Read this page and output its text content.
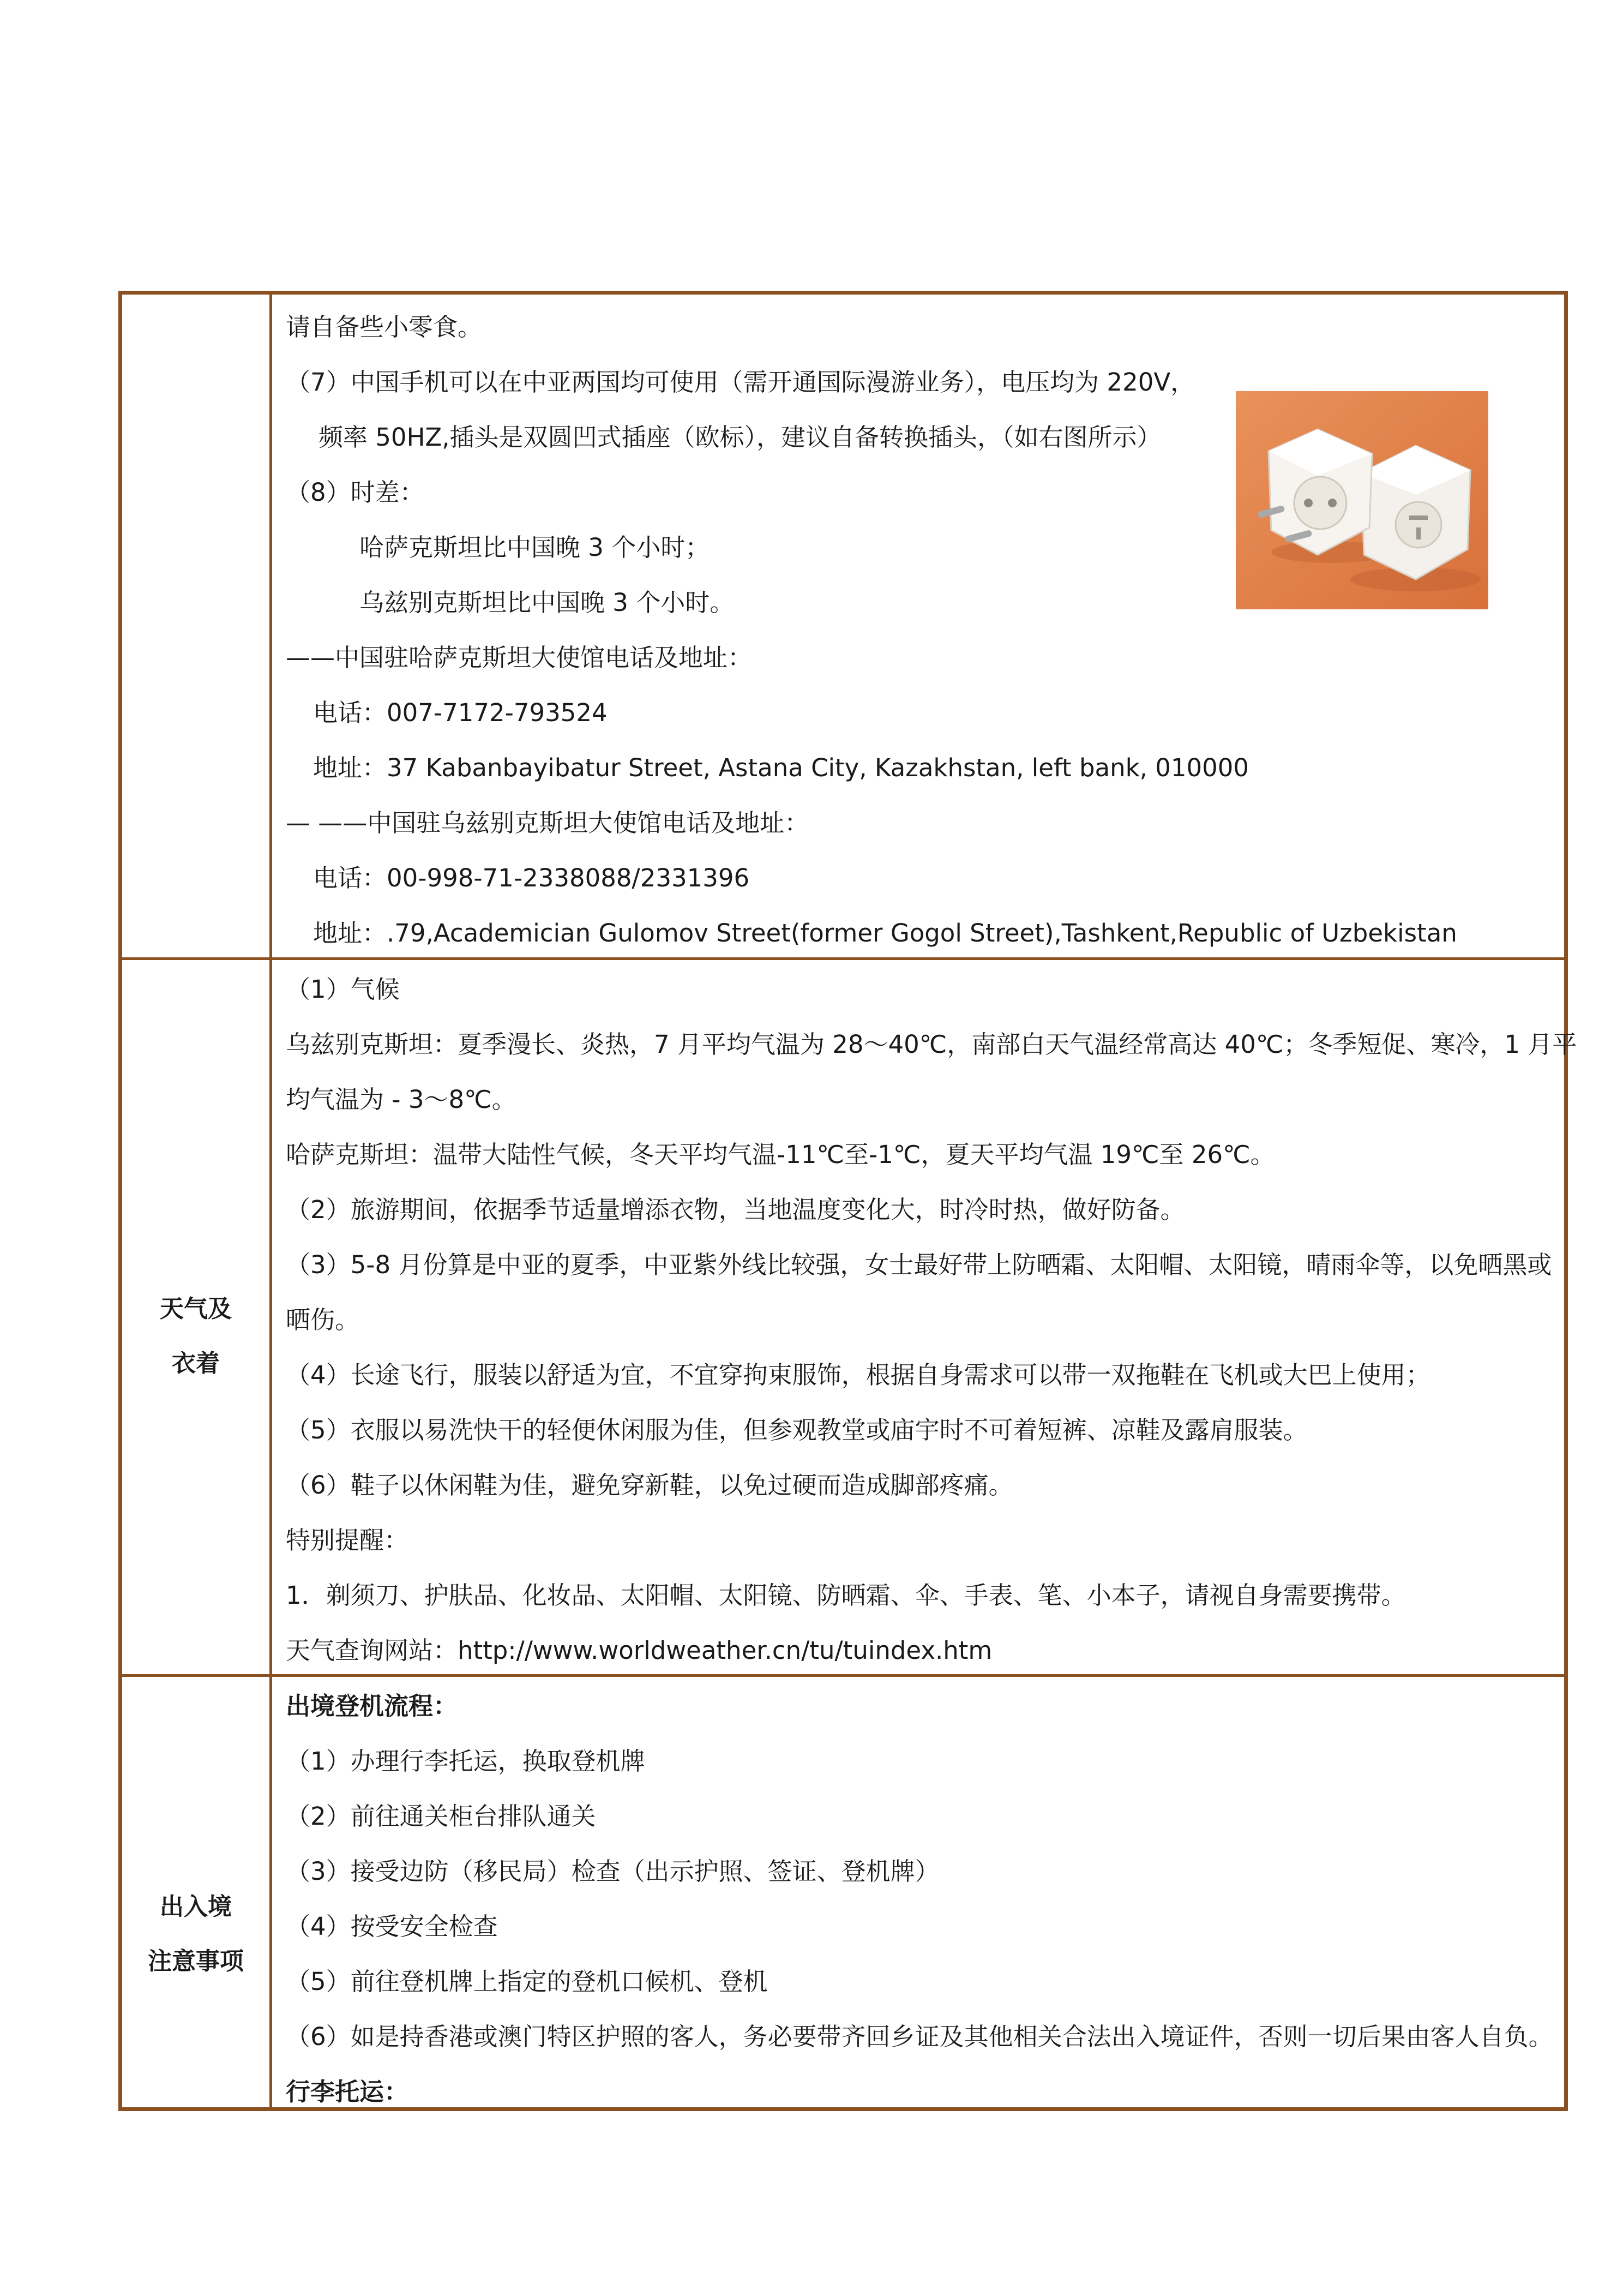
请自备些小零食。
（7）中国手机可以在中亚两国均可使用（需开通国际漫游业务），电压均为 220V，
频率 50HZ,插头是双圆凹式插座（欧标），建议自备转换插头，（如右图所示）
（8）时差：
哈萨克斯坦比中国晚 3 个小时；
乌兹别克斯坦比中国晚 3 个小时。
——中国驻哈萨克斯坦大使馆电话及地址：
电话：007-7172-793524
地址：37 Kabanbayibatur Street, Astana City, Kazakhstan, left bank, 010000
— ——中国驻乌兹别克斯坦大使馆电话及地址：
电话：00-998-71-2338088/2331396
地址：.79,Academician Gulomov Street(former Gogol Street),Tashkent,Republic of Uzbekistan
天气及
衣着
（1）气候
乌兹别克斯坦：夏季漫长、炎热，7 月平均气温为 28～40℃，南部白天气温经常高达 40℃；冬季短促、寒冷，1 月平
均气温为 - 3～8℃。
哈萨克斯坦：温带大陆性气候，冬天平均气温-11℃至-1℃，夏天平均气温 19℃至 26℃。
（2）旅游期间，依据季节适量增添衣物，当地温度变化大，时冷时热，做好防备。
（3）5-8 月份算是中亚的夏季，中亚紫外线比较强，女士最好带上防晒霜、太阳帽、太阳镜，晴雨伞等，以免晒黑或
晒伤。
（4）长途飞行，服装以舒适为宜，不宜穿拘束服饰，根据自身需求可以带一双拖鞋在飞机或大巴上使用；
（5）衣服以易洗快干的轻便休闲服为佳，但参观教堂或庙宇时不可着短裤、凉鞋及露肩服装。
（6）鞋子以休闲鞋为佳，避免穿新鞋，以免过硬而造成脚部疼痛。
特别提醒：
1．剃须刀、护肤品、化妆品、太阳帽、太阳镜、防晒霜、伞、手表、笔、小本子，请视自身需要携带。
天气查询网站：http://www.worldweather.cn/tu/tuindex.htm
出入境
注意事项
出境登机流程：
（1）办理行李托运，换取登机牌
（2）前往通关柜台排队通关
（3）接受边防（移民局）检查（出示护照、签证、登机牌）
（4）按受安全检查
（5）前往登机牌上指定的登机口候机、登机
（6）如是持香港或澳门特区护照的客人，务必要带齐回乡证及其他相关合法出入境证件，否则一切后果由客人自负。
行李托运：
